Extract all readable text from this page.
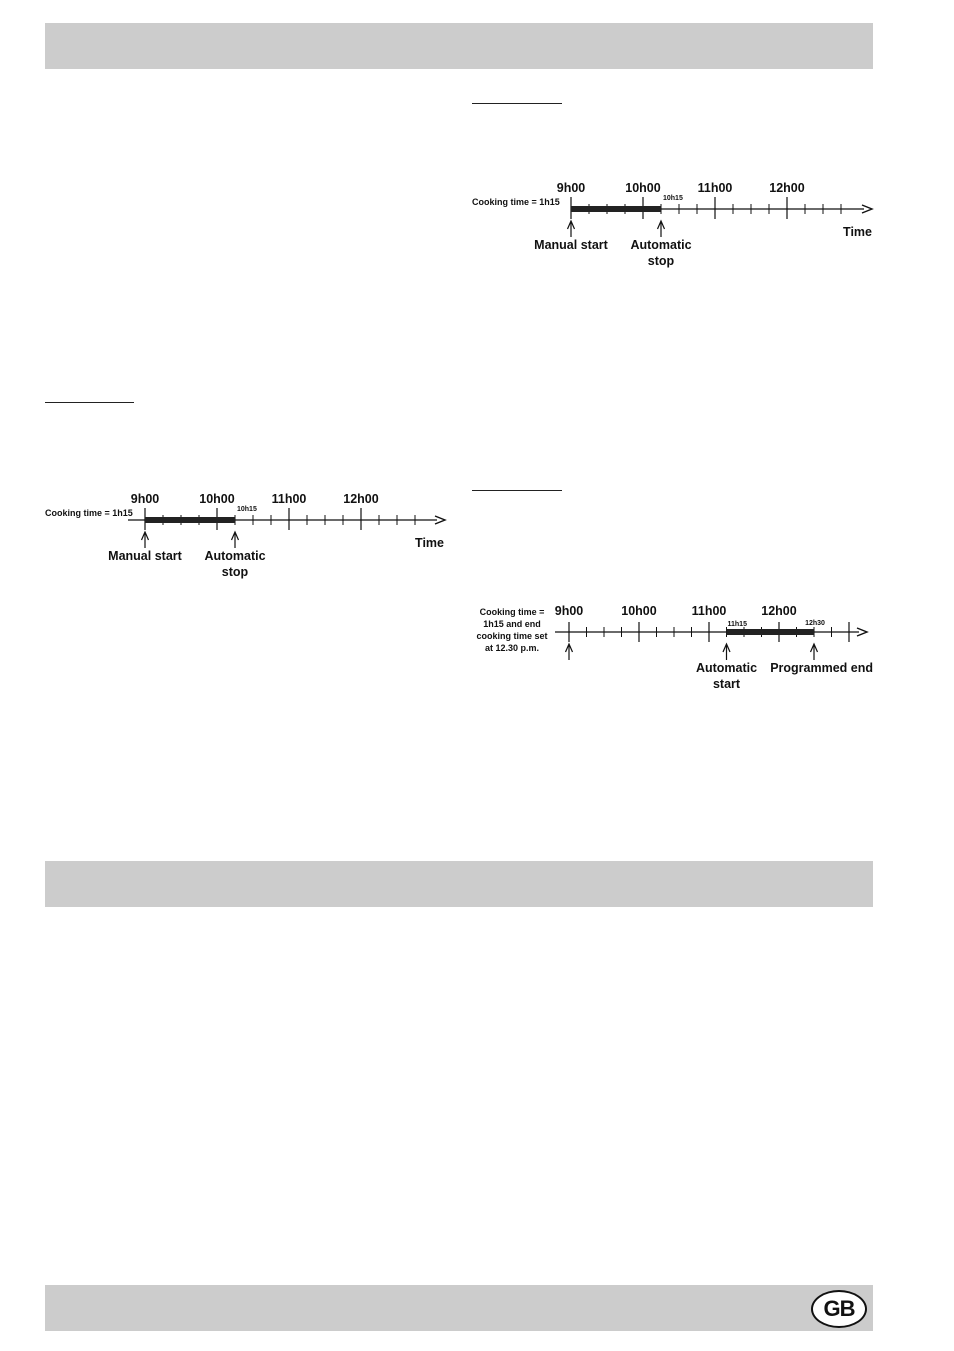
9h00	10h00	11h00	12h00
10h15
Cooking time = 1h15
Time
Manual start Automatic
stop
9h00	10h00	11h00	12h00
10h15
Cooking time = 1h15
Time
Manual start Automatic
stop
9h00	10h00	11h00	12h00
11h15	12h30
Cooking time =
1h15 and end
cooking time set
at 12.30 p.m.
Automatic
start
Programmed end
GB
